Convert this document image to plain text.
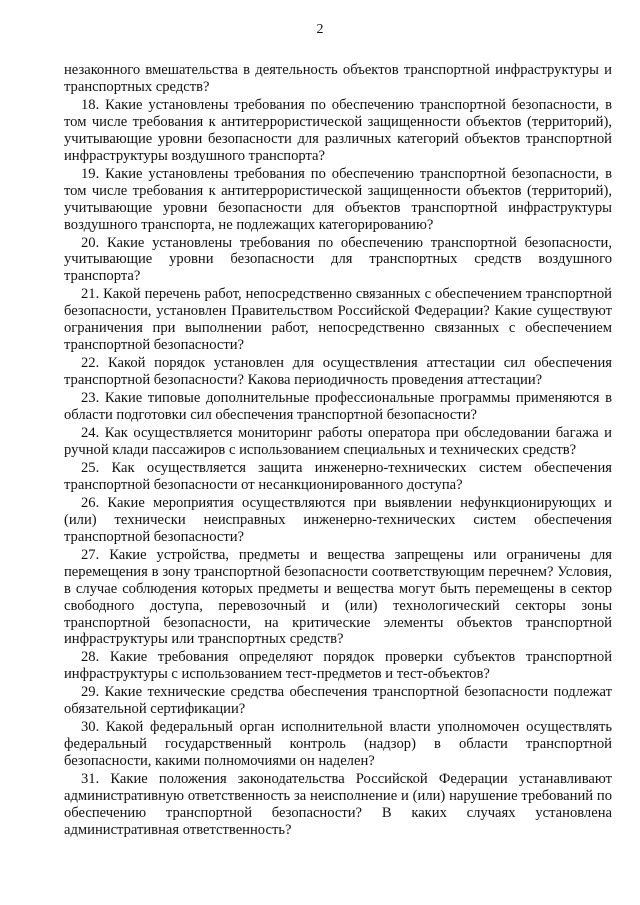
2

незаконного вмешательства в деятельность объектов транспортной инфраструктуры и транспортных средств?

18. Какие установлены требования по обеспечению транспортной безопасности, в том числе требования к антитеррористической защищенности объектов (территорий), учитывающие уровни безопасности для различных категорий объектов транспортной инфраструктуры воздушного транспорта?

19. Какие установлены требования по обеспечению транспортной безопасности, в том числе требования к антитеррористической защищенности объектов (территорий), учитывающие уровни безопасности для объектов транспортной инфраструктуры воздушного транспорта, не подлежащих категорированию?

20. Какие установлены требования по обеспечению транспортной безопасности, учитывающие уровни безопасности для транспортных средств воздушного транспорта?

21. Какой перечень работ, непосредственно связанных с обеспечением транспортной безопасности, установлен Правительством Российской Федерации? Какие существуют ограничения при выполнении работ, непосредственно связанных с обеспечением транспортной безопасности?

22. Какой порядок установлен для осуществления аттестации сил обеспечения транспортной безопасности? Какова периодичность проведения аттестации?

23. Какие типовые дополнительные профессиональные программы применяются в области подготовки сил обеспечения транспортной безопасности?

24. Как осуществляется мониторинг работы оператора при обследовании багажа и ручной клади пассажиров с использованием специальных и технических средств?

25. Как осуществляется защита инженерно-технических систем обеспечения транспортной безопасности от несанкционированного доступа?

26. Какие мероприятия осуществляются при выявлении нефункционирующих и (или) технически неисправных инженерно-технических систем обеспечения транспортной безопасности?

27. Какие устройства, предметы и вещества запрещены или ограничены для перемещения в зону транспортной безопасности соответствующим перечнем? Условия, в случае соблюдения которых предметы и вещества могут быть перемещены в сектор свободного доступа, перевозочный и (или) технологический секторы зоны транспортной безопасности, на критические элементы объектов транспортной инфраструктуры или транспортных средств?

28. Какие требования определяют порядок проверки субъектов транспортной инфраструктуры с использованием тест-предметов и тест-объектов?

29. Какие технические средства обеспечения транспортной безопасности подлежат обязательной сертификации?

30. Какой федеральный орган исполнительной власти уполномочен осуществлять федеральный государственный контроль (надзор) в области транспортной безопасности, какими полномочиями он наделен?

31. Какие положения законодательства Российской Федерации устанавливают административную ответственность за неисполнение и (или) нарушение требований по обеспечению транспортной безопасности? В каких случаях установлена административная ответственность?
